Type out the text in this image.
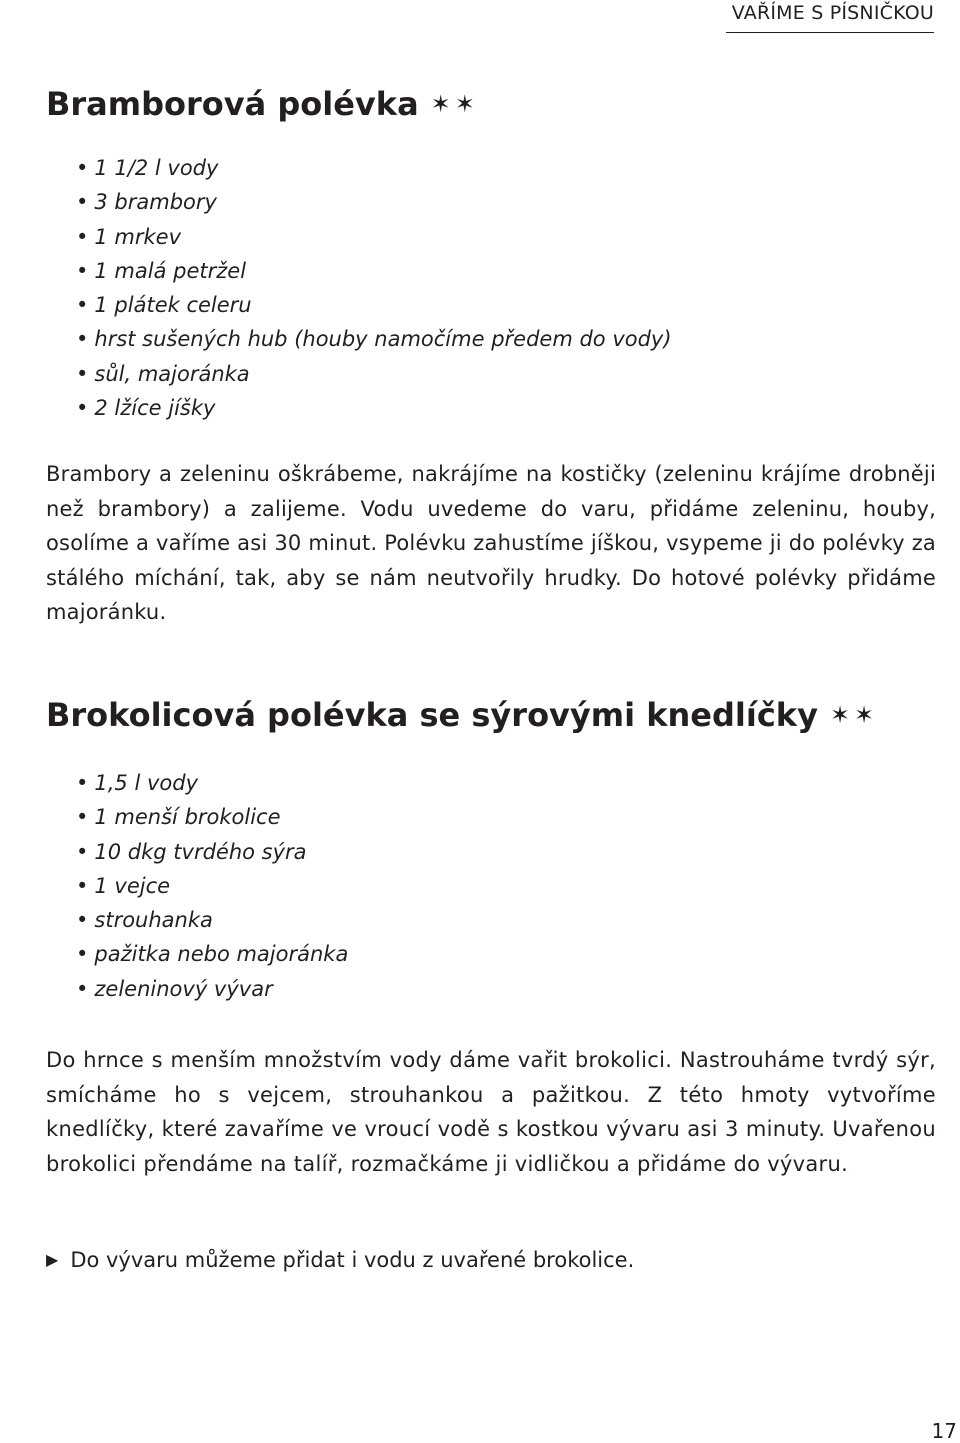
VAŘÍME S PÍSNIČKOU
Bramborová polévka ✶✶
• 1 1/2 l vody
• 3 brambory
• 1 mrkev
• 1 malá petržel
• 1 plátek celeru
• hrst sušených hub (houby namočíme předem do vody)
• sůl, majoránka
• 2 lžíce jíšky

Brambory a zeleninu oškrábeme, nakrájíme na kostičky (zeleninu krájíme drobněji než brambory) a zalijeme. Vodu uvedeme do varu, přidáme zeleninu, houby, osolíme a vaříme asi 30 minut. Polévku zahustíme jíškou, vsypeme ji do polévky za stálého míchání, tak, aby se nám neutvořily hrudky. Do hotové polévky přidáme majoránku.

Brokolicová polévka se sýrovými knedlíčky ✶✶
• 1,5 l vody
• 1 menší brokolice
• 10 dkg tvrdého sýra
• 1 vejce
• strouhanka
• pažitka nebo majoránka
• zeleninový vývar

Do hrnce s menším množstvím vody dáme vařit brokolici. Nastrouháme tvrdý sýr, smícháme ho s vejcem, strouhankou a pažitkou. Z této hmoty vytvoříme knedlíčky, které zavaříme ve vroucí vodě s kostkou vývaru asi 3 minuty. Uvařenou brokolici přendáme na talíř, rozmačkáme ji vidličkou a přidáme do vývaru.

▶ Do vývaru můžeme přidat i vodu z uvařené brokolice.
17
